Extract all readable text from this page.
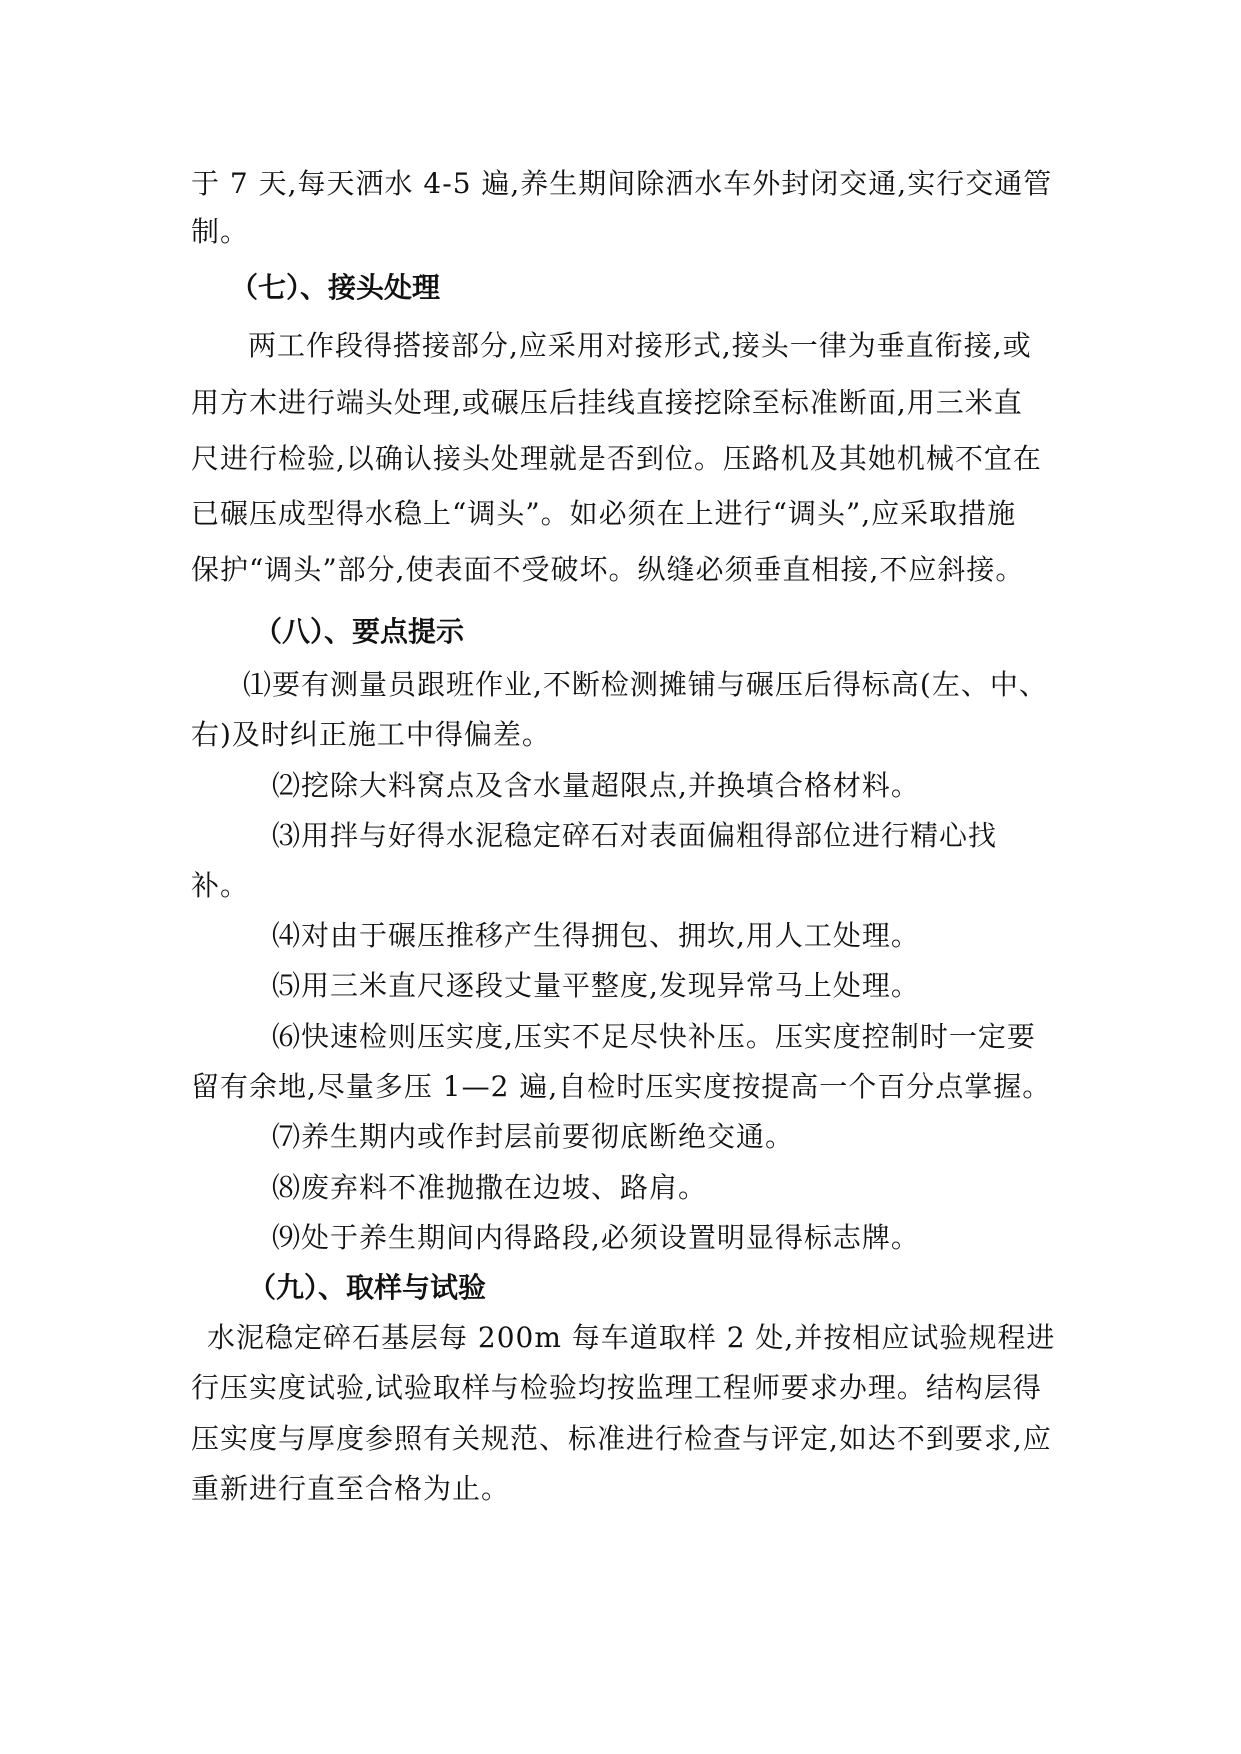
于 7 天,每天洒水 4-5 遍,养生期间除洒水车外封闭交通,实行交通管

制。

（七）、接头处理

两工作段得搭接部分,应采用对接形式,接头一律为垂直衔接,或

用方木进行端头处理,或碾压后挂线直接挖除至标准断面,用三米直

尺进行检验,以确认接头处理就是否到位。压路机及其她机械不宜在

已碾压成型得水稳上“调头”。如必须在上进行“调头”,应采取措施

保护“调头”部分,使表面不受破坏。纵缝必须垂直相接,不应斜接。

（八）、要点提示

⑴要有测量员跟班作业,不断检测摊铺与碾压后得标高(左、中、

右)及时纠正施工中得偏差。

⑵挖除大料窝点及含水量超限点,并换填合格材料。

⑶用拌与好得水泥稳定碎石对表面偏粗得部位进行精心找

补。

⑷对由于碾压推移产生得拥包、拥坎,用人工处理。

⑸用三米直尺逐段丈量平整度,发现异常马上处理。

⑹快速检则压实度,压实不足尽快补压。压实度控制时一定要

留有余地,尽量多压 1—2 遍,自检时压实度按提高一个百分点掌握。

⑺养生期内或作封层前要彻底断绝交通。

⑻废弃料不准抛撒在边坡、路肩。

⑼处于养生期间内得路段,必须设置明显得标志牌。

（九）、取样与试验

水泥稳定碎石基层每 200m 每车道取样 2 处,并按相应试验规程进

行压实度试验,试验取样与检验均按监理工程师要求办理。结构层得

压实度与厚度参照有关规范、标准进行检查与评定,如达不到要求,应

重新进行直至合格为止。
